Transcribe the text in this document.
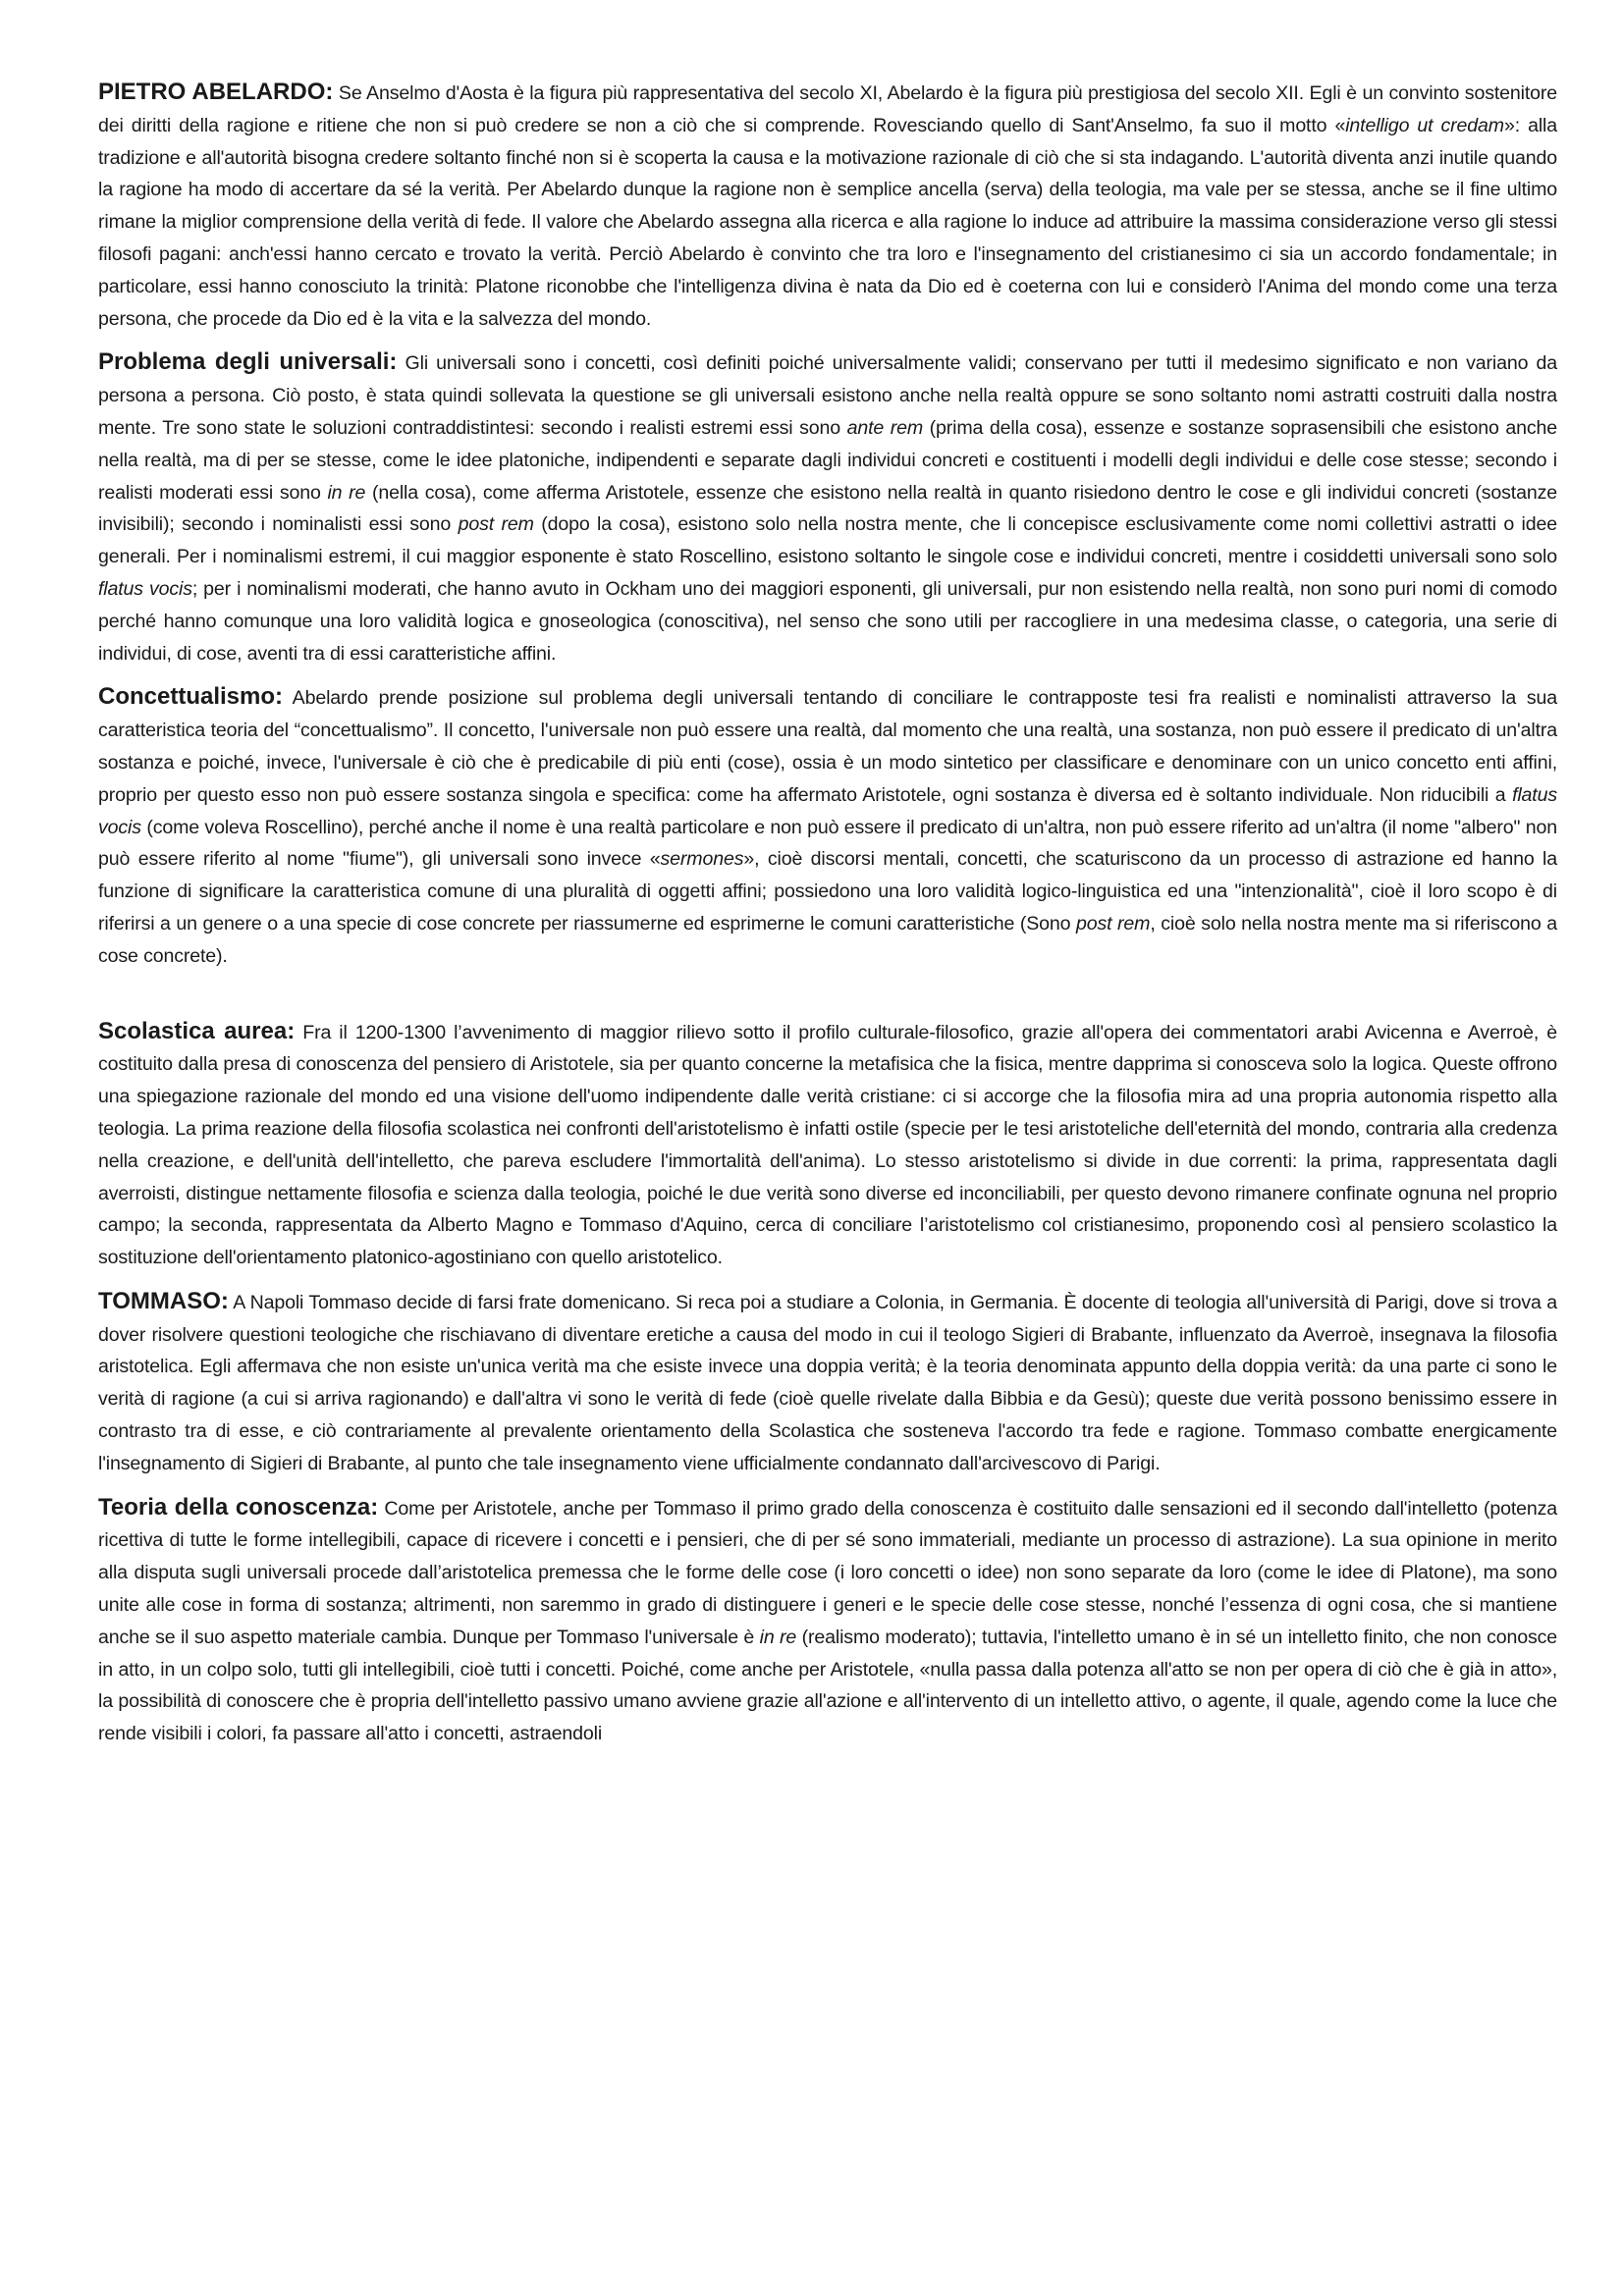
PIETRO ABELARDO: Se Anselmo d'Aosta è la figura più rappresentativa del secolo XI, Abelardo è la figura più prestigiosa del secolo XII. Egli è un convinto sostenitore dei diritti della ragione e ritiene che non si può credere se non a ciò che si comprende. Rovesciando quello di Sant'Anselmo, fa suo il motto «intelligo ut credam»: alla tradizione e all'autorità bisogna credere soltanto finché non si è scoperta la causa e la motivazione razionale di ciò che si sta indagando. L'autorità diventa anzi inutile quando la ragione ha modo di accertare da sé la verità. Per Abelardo dunque la ragione non è semplice ancella (serva) della teologia, ma vale per se stessa, anche se il fine ultimo rimane la miglior comprensione della verità di fede. Il valore che Abelardo assegna alla ricerca e alla ragione lo induce ad attribuire la massima considerazione verso gli stessi filosofi pagani: anch'essi hanno cercato e trovato la verità. Perciò Abelardo è convinto che tra loro e l'insegnamento del cristianesimo ci sia un accordo fondamentale; in particolare, essi hanno conosciuto la trinità: Platone riconobbe che l'intelligenza divina è nata da Dio ed è coeterna con lui e considerò l'Anima del mondo come una terza persona, che procede da Dio ed è la vita e la salvezza del mondo.

Problema degli universali: Gli universali sono i concetti, così definiti poiché universalmente validi; conservano per tutti il medesimo significato e non variano da persona a persona. Ciò posto, è stata quindi sollevata la questione se gli universali esistono anche nella realtà oppure se sono soltanto nomi astratti costruiti dalla nostra mente. Tre sono state le soluzioni contraddistintesi: secondo i realisti estremi essi sono ante rem (prima della cosa), essenze e sostanze soprasensibili che esistono anche nella realtà, ma di per se stesse, come le idee platoniche, indipendenti e separate dagli individui concreti e costituenti i modelli degli individui e delle cose stesse; secondo i realisti moderati essi sono in re (nella cosa), come afferma Aristotele, essenze che esistono nella realtà in quanto risiedono dentro le cose e gli individui concreti (sostanze invisibili); secondo i nominalisti essi sono post rem (dopo la cosa), esistono solo nella nostra mente, che li concepisce esclusivamente come nomi collettivi astratti o idee generali. Per i nominalismi estremi, il cui maggior esponente è stato Roscellino, esistono soltanto le singole cose e individui concreti, mentre i cosiddetti universali sono solo flatus vocis; per i nominalismi moderati, che hanno avuto in Ockham uno dei maggiori esponenti, gli universali, pur non esistendo nella realtà, non sono puri nomi di comodo perché hanno comunque una loro validità logica e gnoseologica (conoscitiva), nel senso che sono utili per raccogliere in una medesima classe, o categoria, una serie di individui, di cose, aventi tra di essi caratteristiche affini.

Concettualismo: Abelardo prende posizione sul problema degli universali tentando di conciliare le contrapposte tesi fra realisti e nominalisti attraverso la sua caratteristica teoria del “concettualismo”. Il concetto, l'universale non può essere una realtà, dal momento che una realtà, una sostanza, non può essere il predicato di un'altra sostanza e poiché, invece, l'universale è ciò che è predicabile di più enti (cose), ossia è un modo sintetico per classificare e denominare con un unico concetto enti affini, proprio per questo esso non può essere sostanza singola e specifica: come ha affermato Aristotele, ogni sostanza è diversa ed è soltanto individuale. Non riducibili a flatus vocis (come voleva Roscellino), perché anche il nome è una realtà particolare e non può essere il predicato di un'altra, non può essere riferito ad un'altra (il nome "albero" non può essere riferito al nome "fiume"), gli universali sono invece «sermones», cioè discorsi mentali, concetti, che scaturiscono da un processo di astrazione ed hanno la funzione di significare la caratteristica comune di una pluralità di oggetti affini; possiedono una loro validità logico-linguistica ed una "intenzionalità", cioè il loro scopo è di riferirsi a un genere o a una specie di cose concrete per riassumerne ed esprimerne le comuni caratteristiche (Sono post rem, cioè solo nella nostra mente ma si riferiscono a cose concrete).

Scolastica aurea: Fra il 1200-1300 l’avvenimento di maggior rilievo sotto il profilo culturale-filosofico, grazie all'opera dei commentatori arabi Avicenna e Averroè, è costituito dalla presa di conoscenza del pensiero di Aristotele, sia per quanto concerne la metafisica che la fisica, mentre dapprima si conosceva solo la logica. Queste offrono una spiegazione razionale del mondo ed una visione dell'uomo indipendente dalle verità cristiane: ci si accorge che la filosofia mira ad una propria autonomia rispetto alla teologia. La prima reazione della filosofia scolastica nei confronti dell'aristotelismo è infatti ostile (specie per le tesi aristoteliche dell'eternità del mondo, contraria alla credenza nella creazione, e dell'unità dell'intelletto, che pareva escludere l'immortalità dell'anima). Lo stesso aristotelismo si divide in due correnti: la prima, rappresentata dagli averroisti, distingue nettamente filosofia e scienza dalla teologia, poiché le due verità sono diverse ed inconciliabili, per questo devono rimanere confinate ognuna nel proprio campo; la seconda, rappresentata da Alberto Magno e Tommaso d'Aquino, cerca di conciliare l’aristotelismo col cristianesimo, proponendo così al pensiero scolastico la sostituzione dell'orientamento platonico-agostiniano con quello aristotelico.

TOMMASO: A Napoli Tommaso decide di farsi frate domenicano. Si reca poi a studiare a Colonia, in Germania. È docente di teologia all'università di Parigi, dove si trova a dover risolvere questioni teologiche che rischiavano di diventare eretiche a causa del modo in cui il teologo Sigieri di Brabante, influenzato da Averroè, insegnava la filosofia aristotelica. Egli affermava che non esiste un'unica verità ma che esiste invece una doppia verità; è la teoria denominata appunto della doppia verità: da una parte ci sono le verità di ragione (a cui si arriva ragionando) e dall'altra vi sono le verità di fede (cioè quelle rivelate dalla Bibbia e da Gesù); queste due verità possono benissimo essere in contrasto tra di esse, e ciò contrariamente al prevalente orientamento della Scolastica che sosteneva l'accordo tra fede e ragione. Tommaso combatte energicamente l'insegnamento di Sigieri di Brabante, al punto che tale insegnamento viene ufficialmente condannato dall'arcivescovo di Parigi.

Teoria della conoscenza: Come per Aristotele, anche per Tommaso il primo grado della conoscenza è costituito dalle sensazioni ed il secondo dall'intelletto (potenza ricettiva di tutte le forme intellegibili, capace di ricevere i concetti e i pensieri, che di per sé sono immateriali, mediante un processo di astrazione). La sua opinione in merito alla disputa sugli universali procede dall’aristotelica premessa che le forme delle cose (i loro concetti o idee) non sono separate da loro (come le idee di Platone), ma sono unite alle cose in forma di sostanza; altrimenti, non saremmo in grado di distinguere i generi e le specie delle cose stesse, nonché l’essenza di ogni cosa, che si mantiene anche se il suo aspetto materiale cambia. Dunque per Tommaso l'universale è in re (realismo moderato); tuttavia, l'intelletto umano è in sé un intelletto finito, che non conosce in atto, in un colpo solo, tutti gli intellegibili, cioè tutti i concetti. Poiché, come anche per Aristotele, «nulla passa dalla potenza all'atto se non per opera di ciò che è già in atto», la possibilità di conoscere che è propria dell'intelletto passivo umano avviene grazie all'azione e all'intervento di un intelletto attivo, o agente, il quale, agendo come la luce che rende visibili i colori, fa passare all'atto i concetti, astraendoli
